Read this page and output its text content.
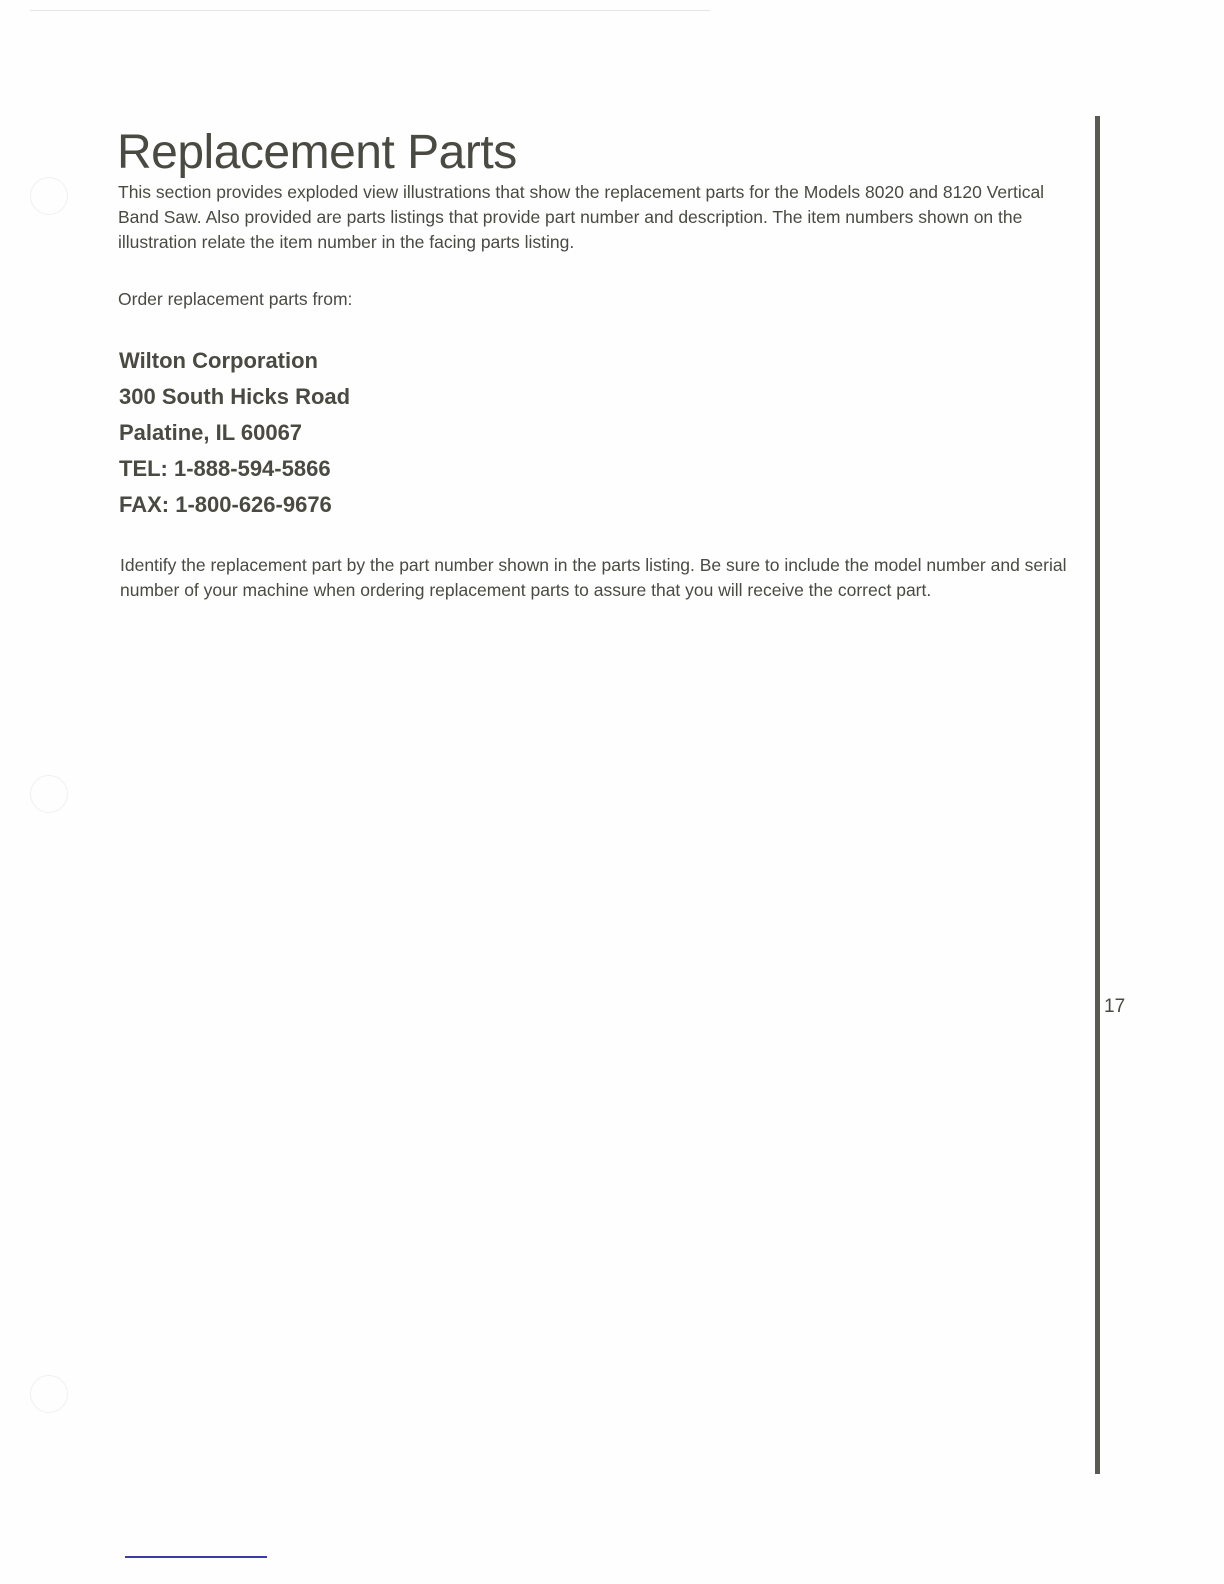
Replacement Parts

This section provides exploded view illustrations that show the replacement parts for the Models 8020 and 8120 Vertical Band Saw. Also provided are parts listings that provide part number and description. The item numbers shown on the illustration relate the item number in the facing parts listing.

Order replacement parts from:

Wilton Corporation
300 South Hicks Road
Palatine, IL 60067
TEL: 1-888-594-5866
FAX: 1-800-626-9676

Identify the replacement part by the part number shown in the parts listing. Be sure to include the model number and serial number of your machine when ordering replacement parts to assure that you will receive the correct part.

17
